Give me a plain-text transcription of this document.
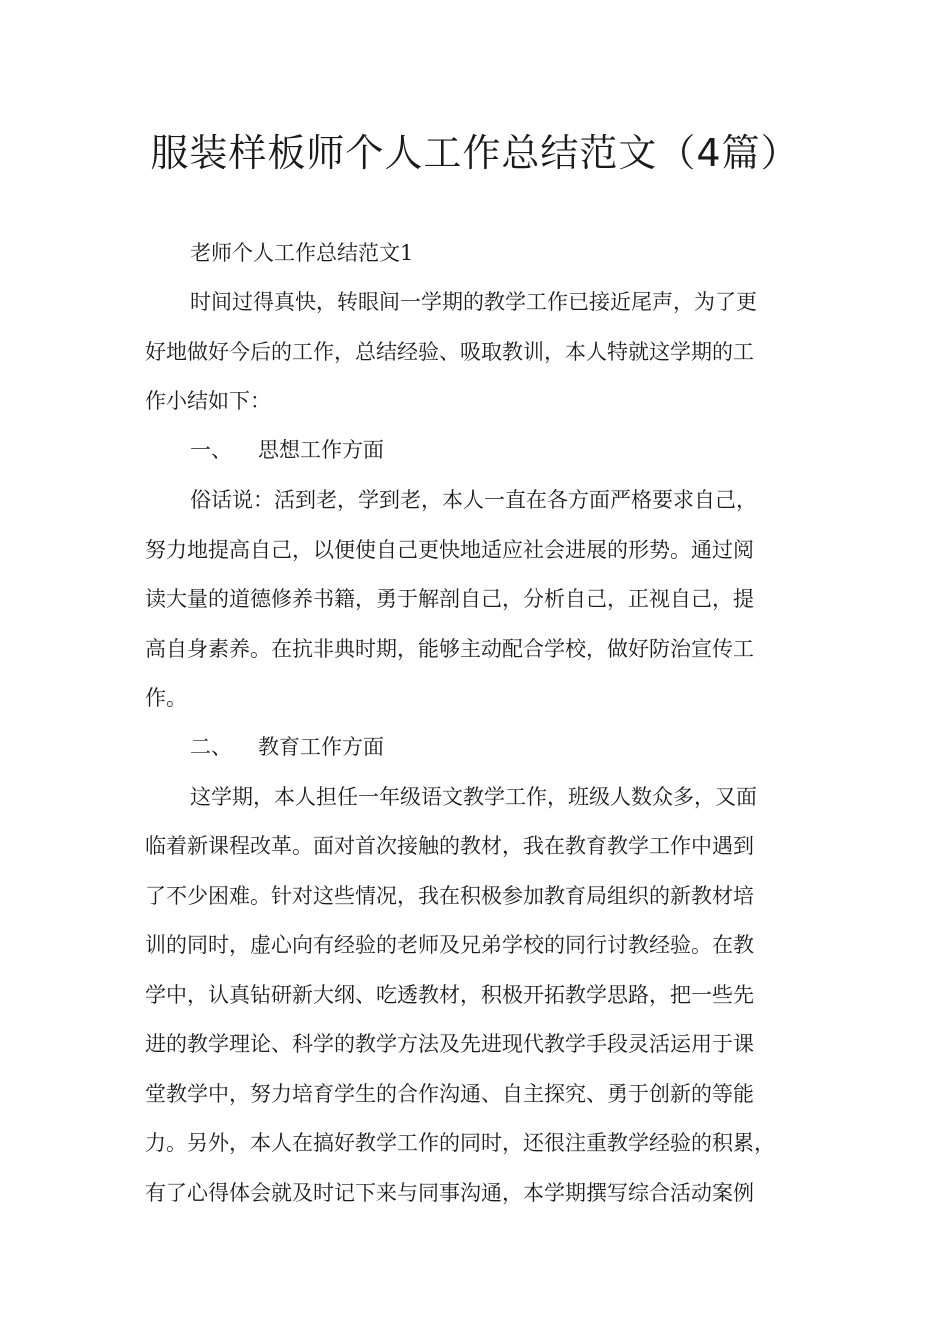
服装样板师个人工作总结范文（4篇）

老师个人工作总结范文1

时间过得真快，转眼间一学期的教学工作已接近尾声，为了更

好地做好今后的工作，总结经验、吸取教训，本人特就这学期的工

作小结如下：

一、 思想工作方面

俗话说：活到老，学到老，本人一直在各方面严格要求自己，

努力地提高自己，以便使自己更快地适应社会进展的形势。通过阅

读大量的道德修养书籍，勇于解剖自己，分析自己，正视自己，提

高自身素养。在抗非典时期，能够主动配合学校，做好防治宣传工

作。

二、 教育工作方面

这学期，本人担任一年级语文教学工作，班级人数众多，又面

临着新课程改革。面对首次接触的教材，我在教育教学工作中遇到

了不少困难。针对这些情况，我在积极参加教育局组织的新教材培

训的同时，虚心向有经验的老师及兄弟学校的同行讨教经验。在教

学中，认真钻研新大纲、吃透教材，积极开拓教学思路，把一些先

进的教学理论、科学的教学方法及先进现代教学手段灵活运用于课

堂教学中，努力培育学生的合作沟通、自主探究、勇于创新的等能

力。另外，本人在搞好教学工作的同时，还很注重教学经验的积累，

有了心得体会就及时记下来与同事沟通，本学期撰写综合活动案例
